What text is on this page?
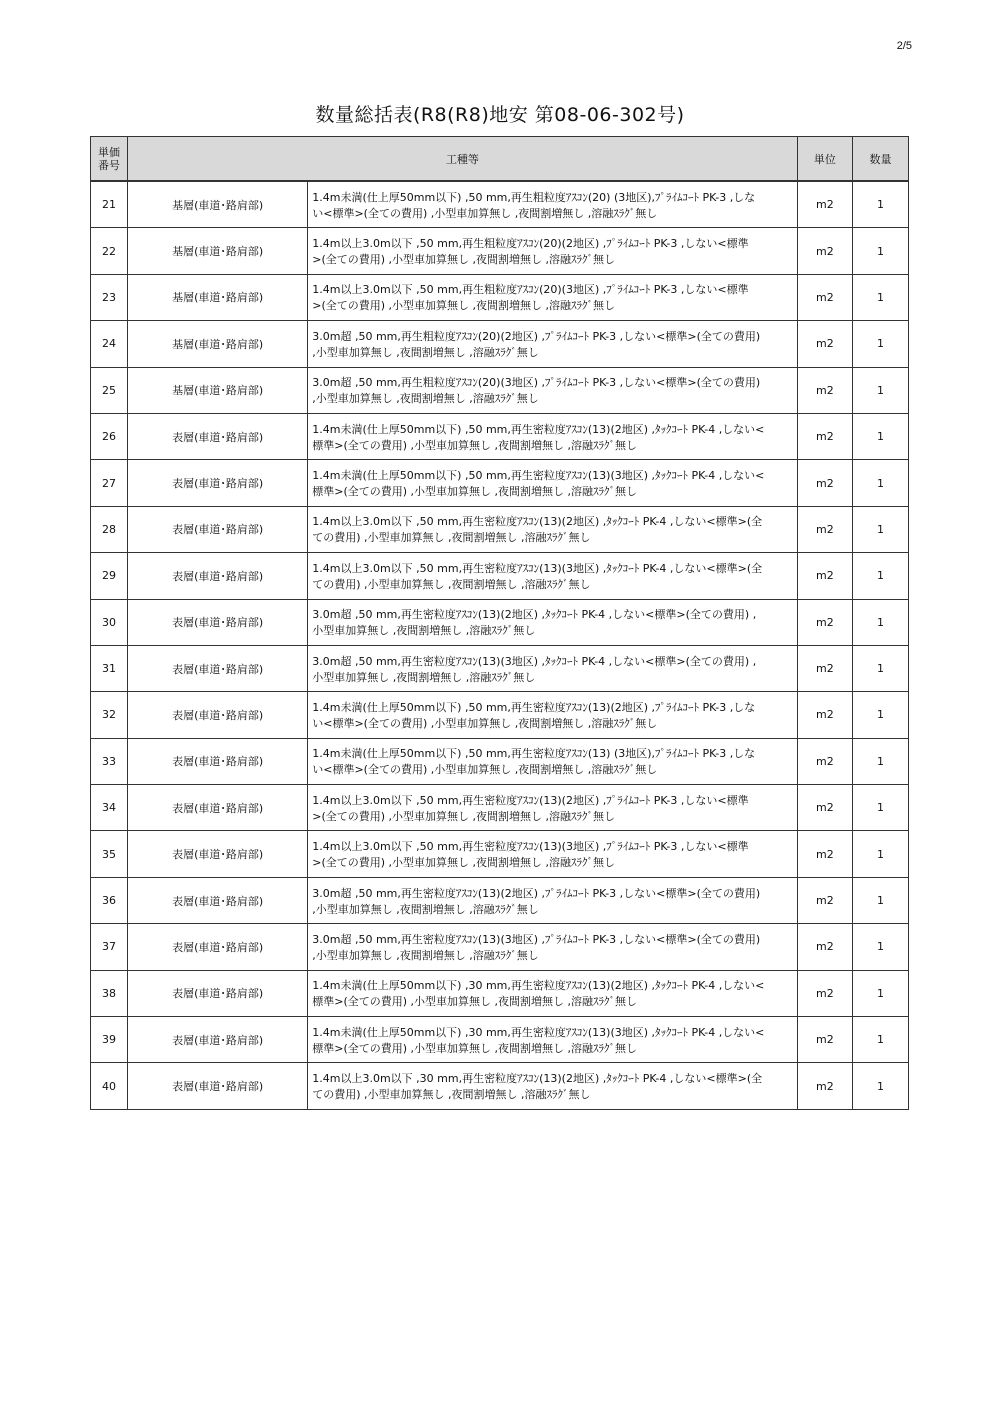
2/5
数量総括表(R8(R8)地安 第08-06-302号)
単価
番号	工種等		単位	数量
21	基層(車道･路肩部)	1.4m未満(仕上厚50mm以下) ,50 mm,再生粗粒度ｱｽｺﾝ(20) (3地区),ﾌﾟﾗｲﾑｺｰﾄ PK-3 ,しな
い<標準>(全ての費用) ,小型車加算無し ,夜間割増無し ,溶融ｽﾗｸﾞ無し	m2	1
22	基層(車道･路肩部)	1.4m以上3.0m以下 ,50 mm,再生粗粒度ｱｽｺﾝ(20)(2地区) ,ﾌﾟﾗｲﾑｺｰﾄ PK-3 ,しない<標準
>(全ての費用) ,小型車加算無し ,夜間割増無し ,溶融ｽﾗｸﾞ無し	m2	1
23	基層(車道･路肩部)	1.4m以上3.0m以下 ,50 mm,再生粗粒度ｱｽｺﾝ(20)(3地区) ,ﾌﾟﾗｲﾑｺｰﾄ PK-3 ,しない<標準
>(全ての費用) ,小型車加算無し ,夜間割増無し ,溶融ｽﾗｸﾞ無し	m2	1
24	基層(車道･路肩部)	3.0m超 ,50 mm,再生粗粒度ｱｽｺﾝ(20)(2地区) ,ﾌﾟﾗｲﾑｺｰﾄ PK-3 ,しない<標準>(全ての費用)
,小型車加算無し ,夜間割増無し ,溶融ｽﾗｸﾞ無し	m2	1
25	基層(車道･路肩部)	3.0m超 ,50 mm,再生粗粒度ｱｽｺﾝ(20)(3地区) ,ﾌﾟﾗｲﾑｺｰﾄ PK-3 ,しない<標準>(全ての費用)
,小型車加算無し ,夜間割増無し ,溶融ｽﾗｸﾞ無し	m2	1
26	表層(車道･路肩部)	1.4m未満(仕上厚50mm以下) ,50 mm,再生密粒度ｱｽｺﾝ(13)(2地区) ,ﾀｯｸｺｰﾄ PK-4 ,しない<
標準>(全ての費用) ,小型車加算無し ,夜間割増無し ,溶融ｽﾗｸﾞ無し	m2	1
27	表層(車道･路肩部)	1.4m未満(仕上厚50mm以下) ,50 mm,再生密粒度ｱｽｺﾝ(13)(3地区) ,ﾀｯｸｺｰﾄ PK-4 ,しない<
標準>(全ての費用) ,小型車加算無し ,夜間割増無し ,溶融ｽﾗｸﾞ無し	m2	1
28	表層(車道･路肩部)	1.4m以上3.0m以下 ,50 mm,再生密粒度ｱｽｺﾝ(13)(2地区) ,ﾀｯｸｺｰﾄ PK-4 ,しない<標準>(全
ての費用) ,小型車加算無し ,夜間割増無し ,溶融ｽﾗｸﾞ無し	m2	1
29	表層(車道･路肩部)	1.4m以上3.0m以下 ,50 mm,再生密粒度ｱｽｺﾝ(13)(3地区) ,ﾀｯｸｺｰﾄ PK-4 ,しない<標準>(全
ての費用) ,小型車加算無し ,夜間割増無し ,溶融ｽﾗｸﾞ無し	m2	1
30	表層(車道･路肩部)	3.0m超 ,50 mm,再生密粒度ｱｽｺﾝ(13)(2地区) ,ﾀｯｸｺｰﾄ PK-4 ,しない<標準>(全ての費用) ,
小型車加算無し ,夜間割増無し ,溶融ｽﾗｸﾞ無し	m2	1
31	表層(車道･路肩部)	3.0m超 ,50 mm,再生密粒度ｱｽｺﾝ(13)(3地区) ,ﾀｯｸｺｰﾄ PK-4 ,しない<標準>(全ての費用) ,
小型車加算無し ,夜間割増無し ,溶融ｽﾗｸﾞ無し	m2	1
32	表層(車道･路肩部)	1.4m未満(仕上厚50mm以下) ,50 mm,再生密粒度ｱｽｺﾝ(13)(2地区) ,ﾌﾟﾗｲﾑｺｰﾄ PK-3 ,しな
い<標準>(全ての費用) ,小型車加算無し ,夜間割増無し ,溶融ｽﾗｸﾞ無し	m2	1
33	表層(車道･路肩部)	1.4m未満(仕上厚50mm以下) ,50 mm,再生密粒度ｱｽｺﾝ(13) (3地区),ﾌﾟﾗｲﾑｺｰﾄ PK-3 ,しな
い<標準>(全ての費用) ,小型車加算無し ,夜間割増無し ,溶融ｽﾗｸﾞ無し	m2	1
34	表層(車道･路肩部)	1.4m以上3.0m以下 ,50 mm,再生密粒度ｱｽｺﾝ(13)(2地区) ,ﾌﾟﾗｲﾑｺｰﾄ PK-3 ,しない<標準
>(全ての費用) ,小型車加算無し ,夜間割増無し ,溶融ｽﾗｸﾞ無し	m2	1
35	表層(車道･路肩部)	1.4m以上3.0m以下 ,50 mm,再生密粒度ｱｽｺﾝ(13)(3地区) ,ﾌﾟﾗｲﾑｺｰﾄ PK-3 ,しない<標準
>(全ての費用) ,小型車加算無し ,夜間割増無し ,溶融ｽﾗｸﾞ無し	m2	1
36	表層(車道･路肩部)	3.0m超 ,50 mm,再生密粒度ｱｽｺﾝ(13)(2地区) ,ﾌﾟﾗｲﾑｺｰﾄ PK-3 ,しない<標準>(全ての費用)
,小型車加算無し ,夜間割増無し ,溶融ｽﾗｸﾞ無し	m2	1
37	表層(車道･路肩部)	3.0m超 ,50 mm,再生密粒度ｱｽｺﾝ(13)(3地区) ,ﾌﾟﾗｲﾑｺｰﾄ PK-3 ,しない<標準>(全ての費用)
,小型車加算無し ,夜間割増無し ,溶融ｽﾗｸﾞ無し	m2	1
38	表層(車道･路肩部)	1.4m未満(仕上厚50mm以下) ,30 mm,再生密粒度ｱｽｺﾝ(13)(2地区) ,ﾀｯｸｺｰﾄ PK-4 ,しない<
標準>(全ての費用) ,小型車加算無し ,夜間割増無し ,溶融ｽﾗｸﾞ無し	m2	1
39	表層(車道･路肩部)	1.4m未満(仕上厚50mm以下) ,30 mm,再生密粒度ｱｽｺﾝ(13)(3地区) ,ﾀｯｸｺｰﾄ PK-4 ,しない<
標準>(全ての費用) ,小型車加算無し ,夜間割増無し ,溶融ｽﾗｸﾞ無し	m2	1
40	表層(車道･路肩部)	1.4m以上3.0m以下 ,30 mm,再生密粒度ｱｽｺﾝ(13)(2地区) ,ﾀｯｸｺｰﾄ PK-4 ,しない<標準>(全
ての費用) ,小型車加算無し ,夜間割増無し ,溶融ｽﾗｸﾞ無し	m2	1
